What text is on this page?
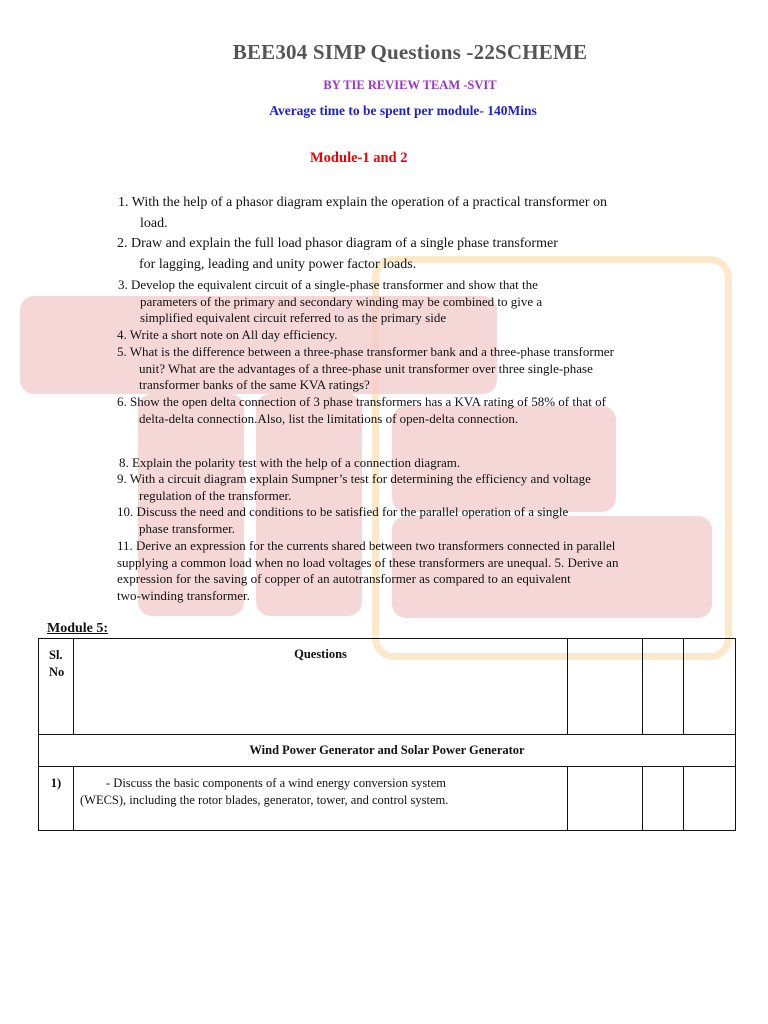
BEE304 SIMP Questions -22SCHEME
BY TIE REVIEW TEAM -SVIT
Average time to be spent per module- 140Mins
Module-1 and 2
1. With the help of a phasor diagram explain the operation of a practical transformer on
load.
2. Draw and explain the full load phasor diagram of a single phase transformer
for lagging, leading and unity power factor loads.
3. Develop the equivalent circuit of a single-phase transformer and show that the
parameters of the primary and secondary winding may be combined to give a
simplified equivalent circuit referred to as the primary side
4. Write a short note on All day efficiency.
5. What is the difference between a three-phase transformer bank and a three-phase transformer
unit? What are the advantages of a three-phase unit transformer over three single-phase
transformer banks of the same KVA ratings?
6. Show the open delta connection of 3 phase transformers has a KVA rating of 58% of that of
delta-delta connection.Also, list the limitations of open-delta connection.
8. Explain the polarity test with the help of a connection diagram.
9. With a circuit diagram explain Sumpner’s test for determining the efficiency and voltage
regulation of the transformer.
10. Discuss the need and conditions to be satisfied for the parallel operation of a single
phase transformer.
11. Derive an expression for the currents shared between two transformers connected in parallel
supplying a common load when no load voltages of these transformers are unequal. 5. Derive an
expression for the saving of copper of an autotransformer as compared to an equivalent
two-winding transformer.
Module 5:
Sl.
No	Questions			
Wind Power Generator and Solar Power Generator				
1)	- Discuss the basic components of a wind energy conversion system
(WECS), including the rotor blades, generator, tower, and control system.			
